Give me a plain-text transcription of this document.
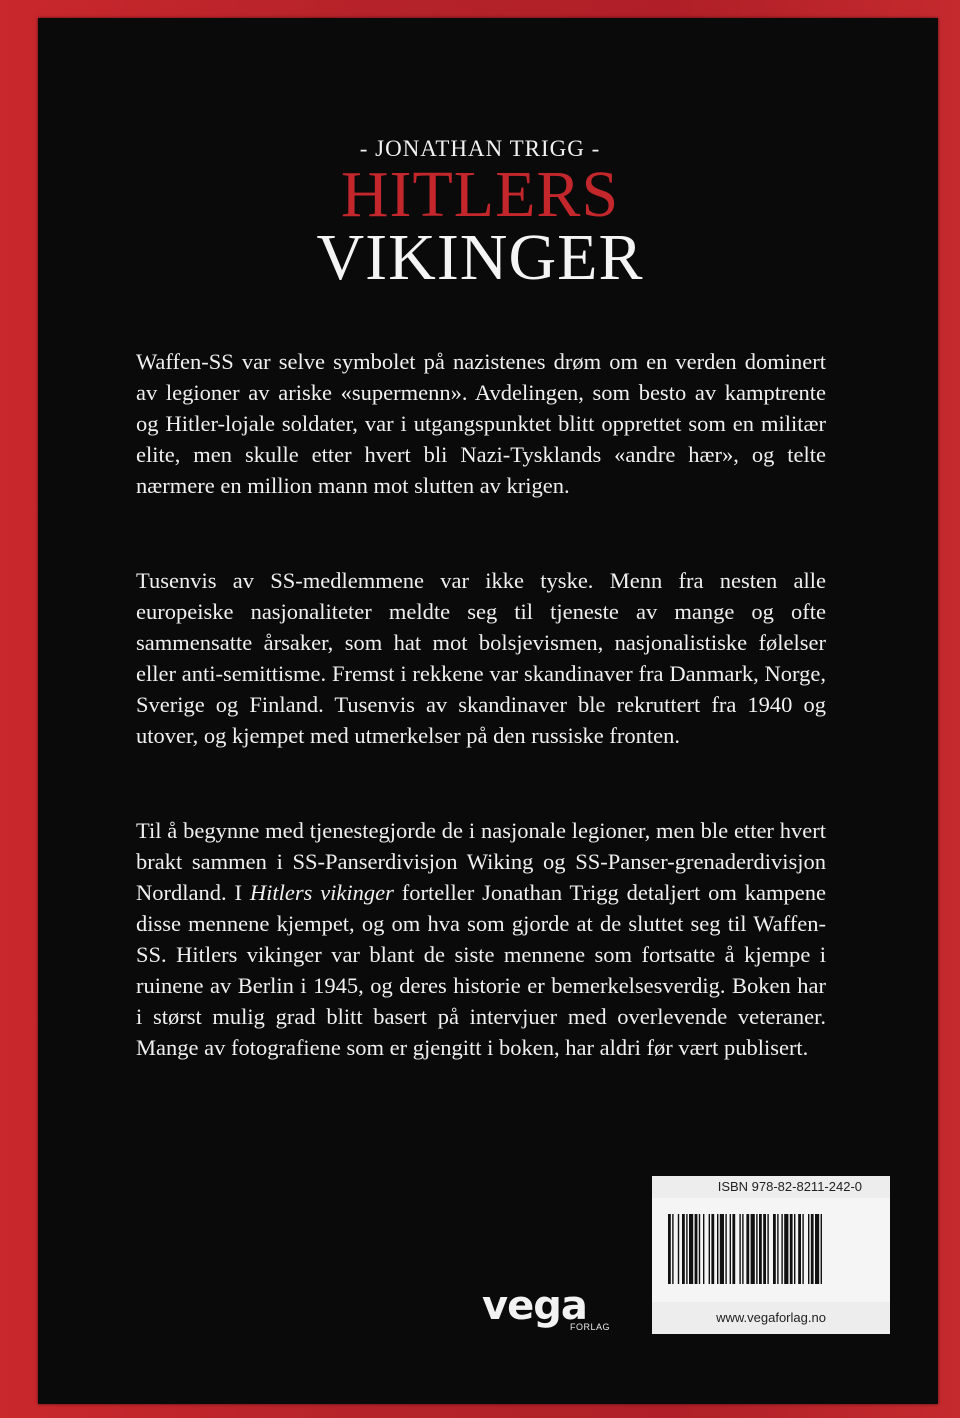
- JONATHAN TRIGG -
HITLERS
VIKINGER
Waffen-SS var selve symbolet på nazistenes drøm om en verden dominert av legioner av ariske «supermenn». Avdelingen, som besto av kamptrente og Hitler-lojale soldater, var i utgangspunktet blitt opprettet som en militær elite, men skulle etter hvert bli Nazi-Tysklands «andre hær», og telte nærmere en million mann mot slutten av krigen.
Tusenvis av SS-medlemmene var ikke tyske. Menn fra nesten alle europeiske nasjonaliteter meldte seg til tjeneste av mange og ofte sammensatte årsaker, som hat mot bolsjevismen, nasjonalistiske følelser eller anti-semittisme. Fremst i rekkene var skandinaver fra Danmark, Norge, Sverige og Finland. Tusenvis av skandinaver ble rekruttert fra 1940 og utover, og kjempet med utmerkelser på den russiske fronten.
Til å begynne med tjenestegjorde de i nasjonale legioner, men ble etter hvert brakt sammen i SS-Panserdivisjon Wiking og SS-Panser-grenaderdivisjon Nordland. I Hitlers vikinger forteller Jonathan Trigg detaljert om kampene disse mennene kjempet, og om hva som gjorde at de sluttet seg til Waffen-SS. Hitlers vikinger var blant de siste mennene som fortsatte å kjempe i ruinene av Berlin i 1945, og deres historie er bemerkelsesverdig. Boken har i størst mulig grad blitt basert på intervjuer med overlevende veteraner. Mange av fotografiene som er gjengitt i boken, har aldri før vært publisert.
ISBN 978-82-8211-242-0
www.vegaforlag.no
vega
FORLAG
